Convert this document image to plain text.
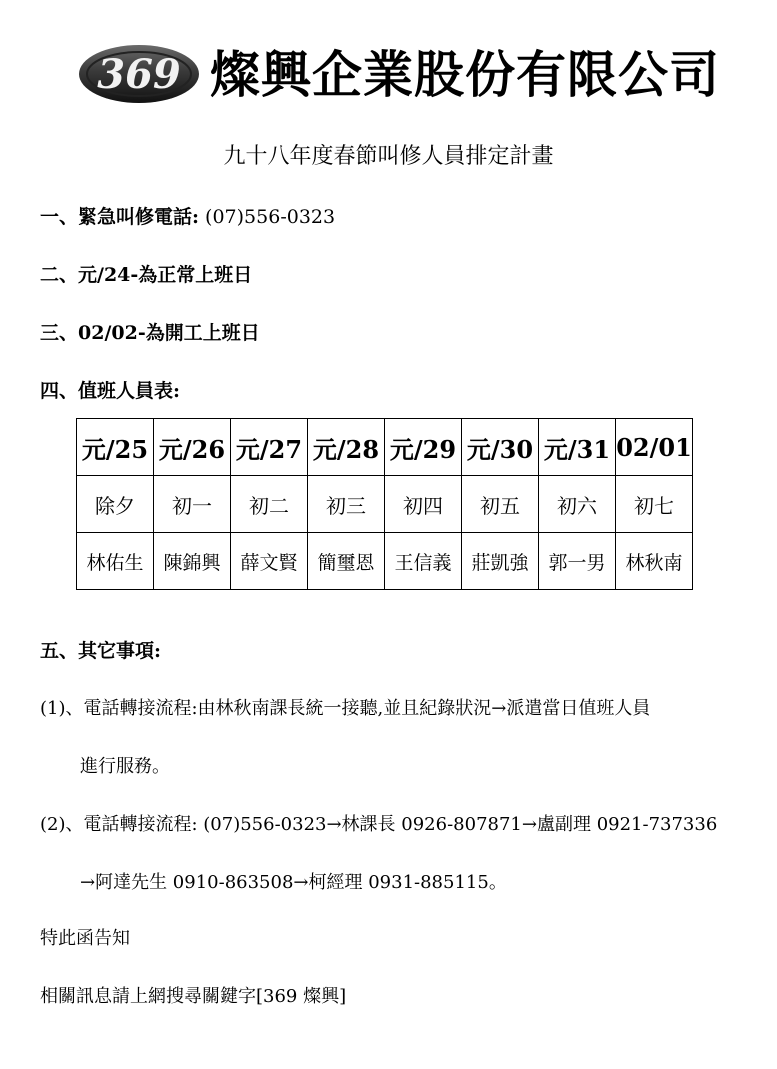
369 燦興企業股份有限公司
九十八年度春節叫修人員排定計畫
一、緊急叫修電話: (07)556-0323
二、元/24-為正常上班日
三、02/02-為開工上班日
四、值班人員表:
元/25	元/26	元/27	元/28	元/29	元/30	元/31	02/01
除夕	初一	初二	初三	初四	初五	初六	初七
林佑生	陳錦興	薛文賢	簡璽恩	王信義	莊凱強	郭一男	林秋南
五、其它事項:
(1)、電話轉接流程:由林秋南課長統一接聽,並且紀錄狀況→派遣當日值班人員
進行服務。
(2)、電話轉接流程: (07)556-0323→林課長 0926-807871→盧副理 0921-737336
→阿達先生 0910-863508→柯經理 0931-885115。
特此函告知
相關訊息請上網搜尋關鍵字[369 燦興]
